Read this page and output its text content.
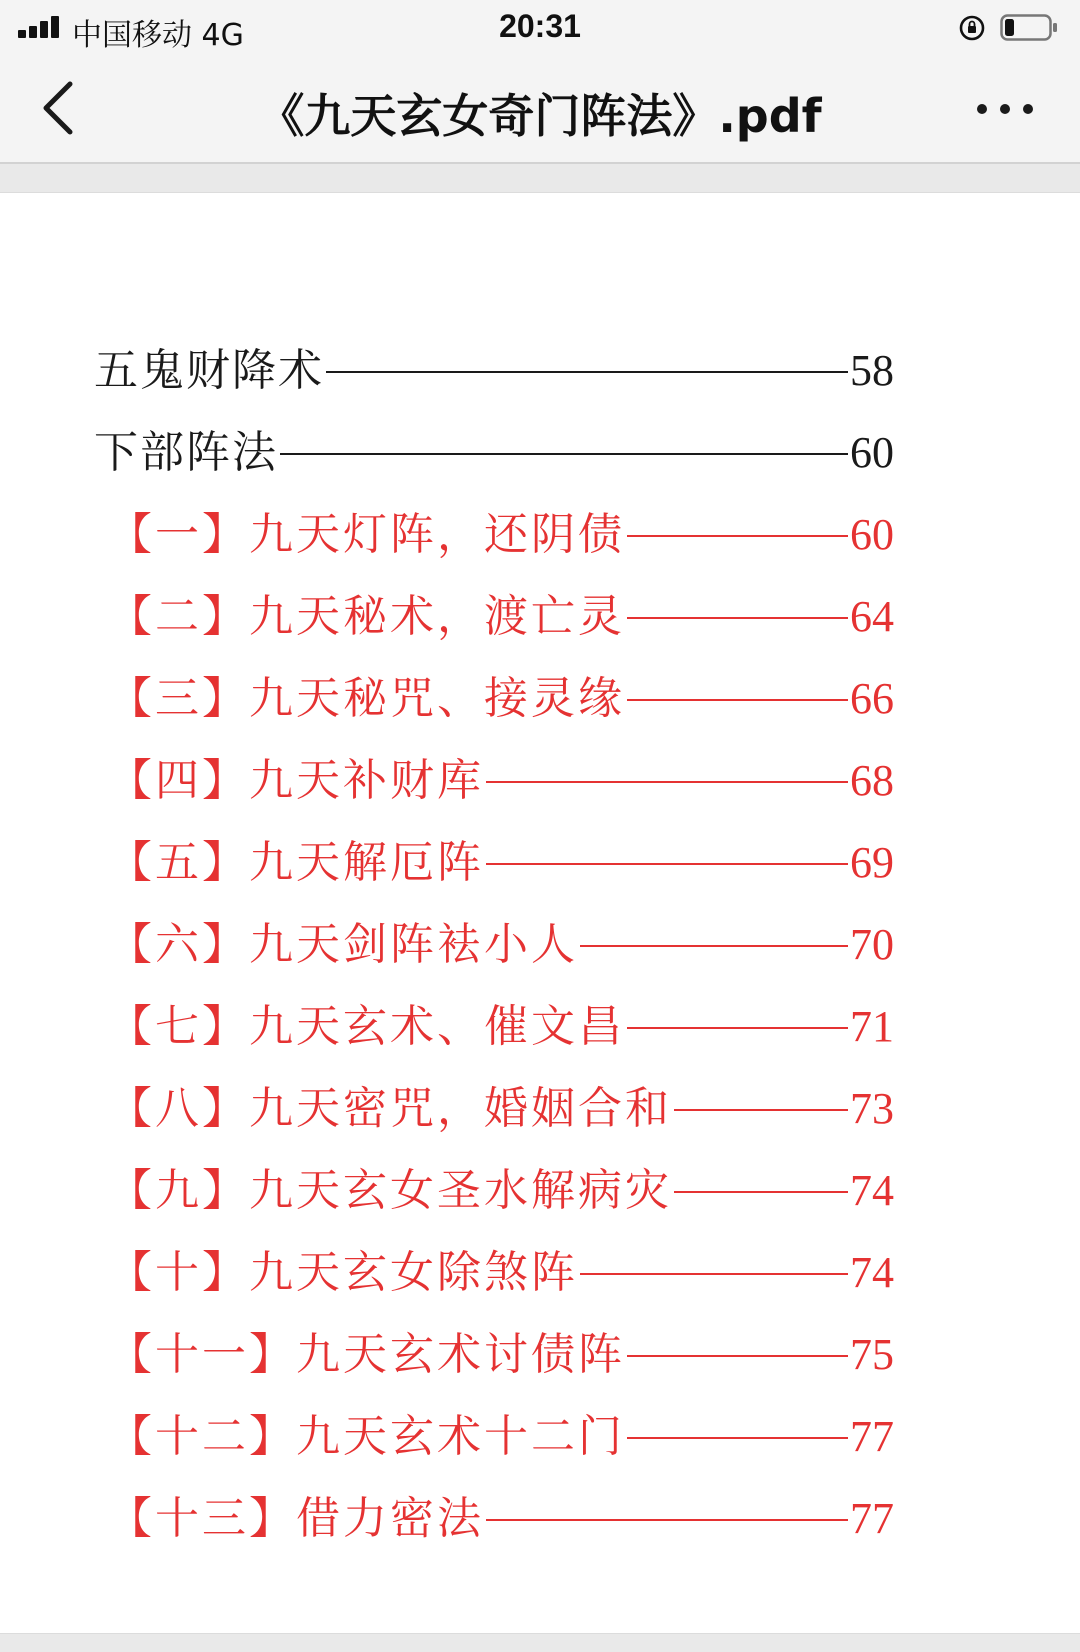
中国移动 4G	20:31
《九天玄女奇门阵法》.pdf
五鬼财降术	58
下部阵法	60
【一】九天灯阵，还阴债	60
【二】九天秘术，渡亡灵	64
【三】九天秘咒、接灵缘	66
【四】九天补财库	68
【五】九天解厄阵	69
【六】九天剑阵袪小人	70
【七】九天玄术、催文昌	71
【八】九天密咒，婚姻合和	73
【九】九天玄女圣水解病灾	74
【十】九天玄女除煞阵	74
【十一】九天玄术讨债阵	75
【十二】九天玄术十二门	77
【十三】借力密法	77
